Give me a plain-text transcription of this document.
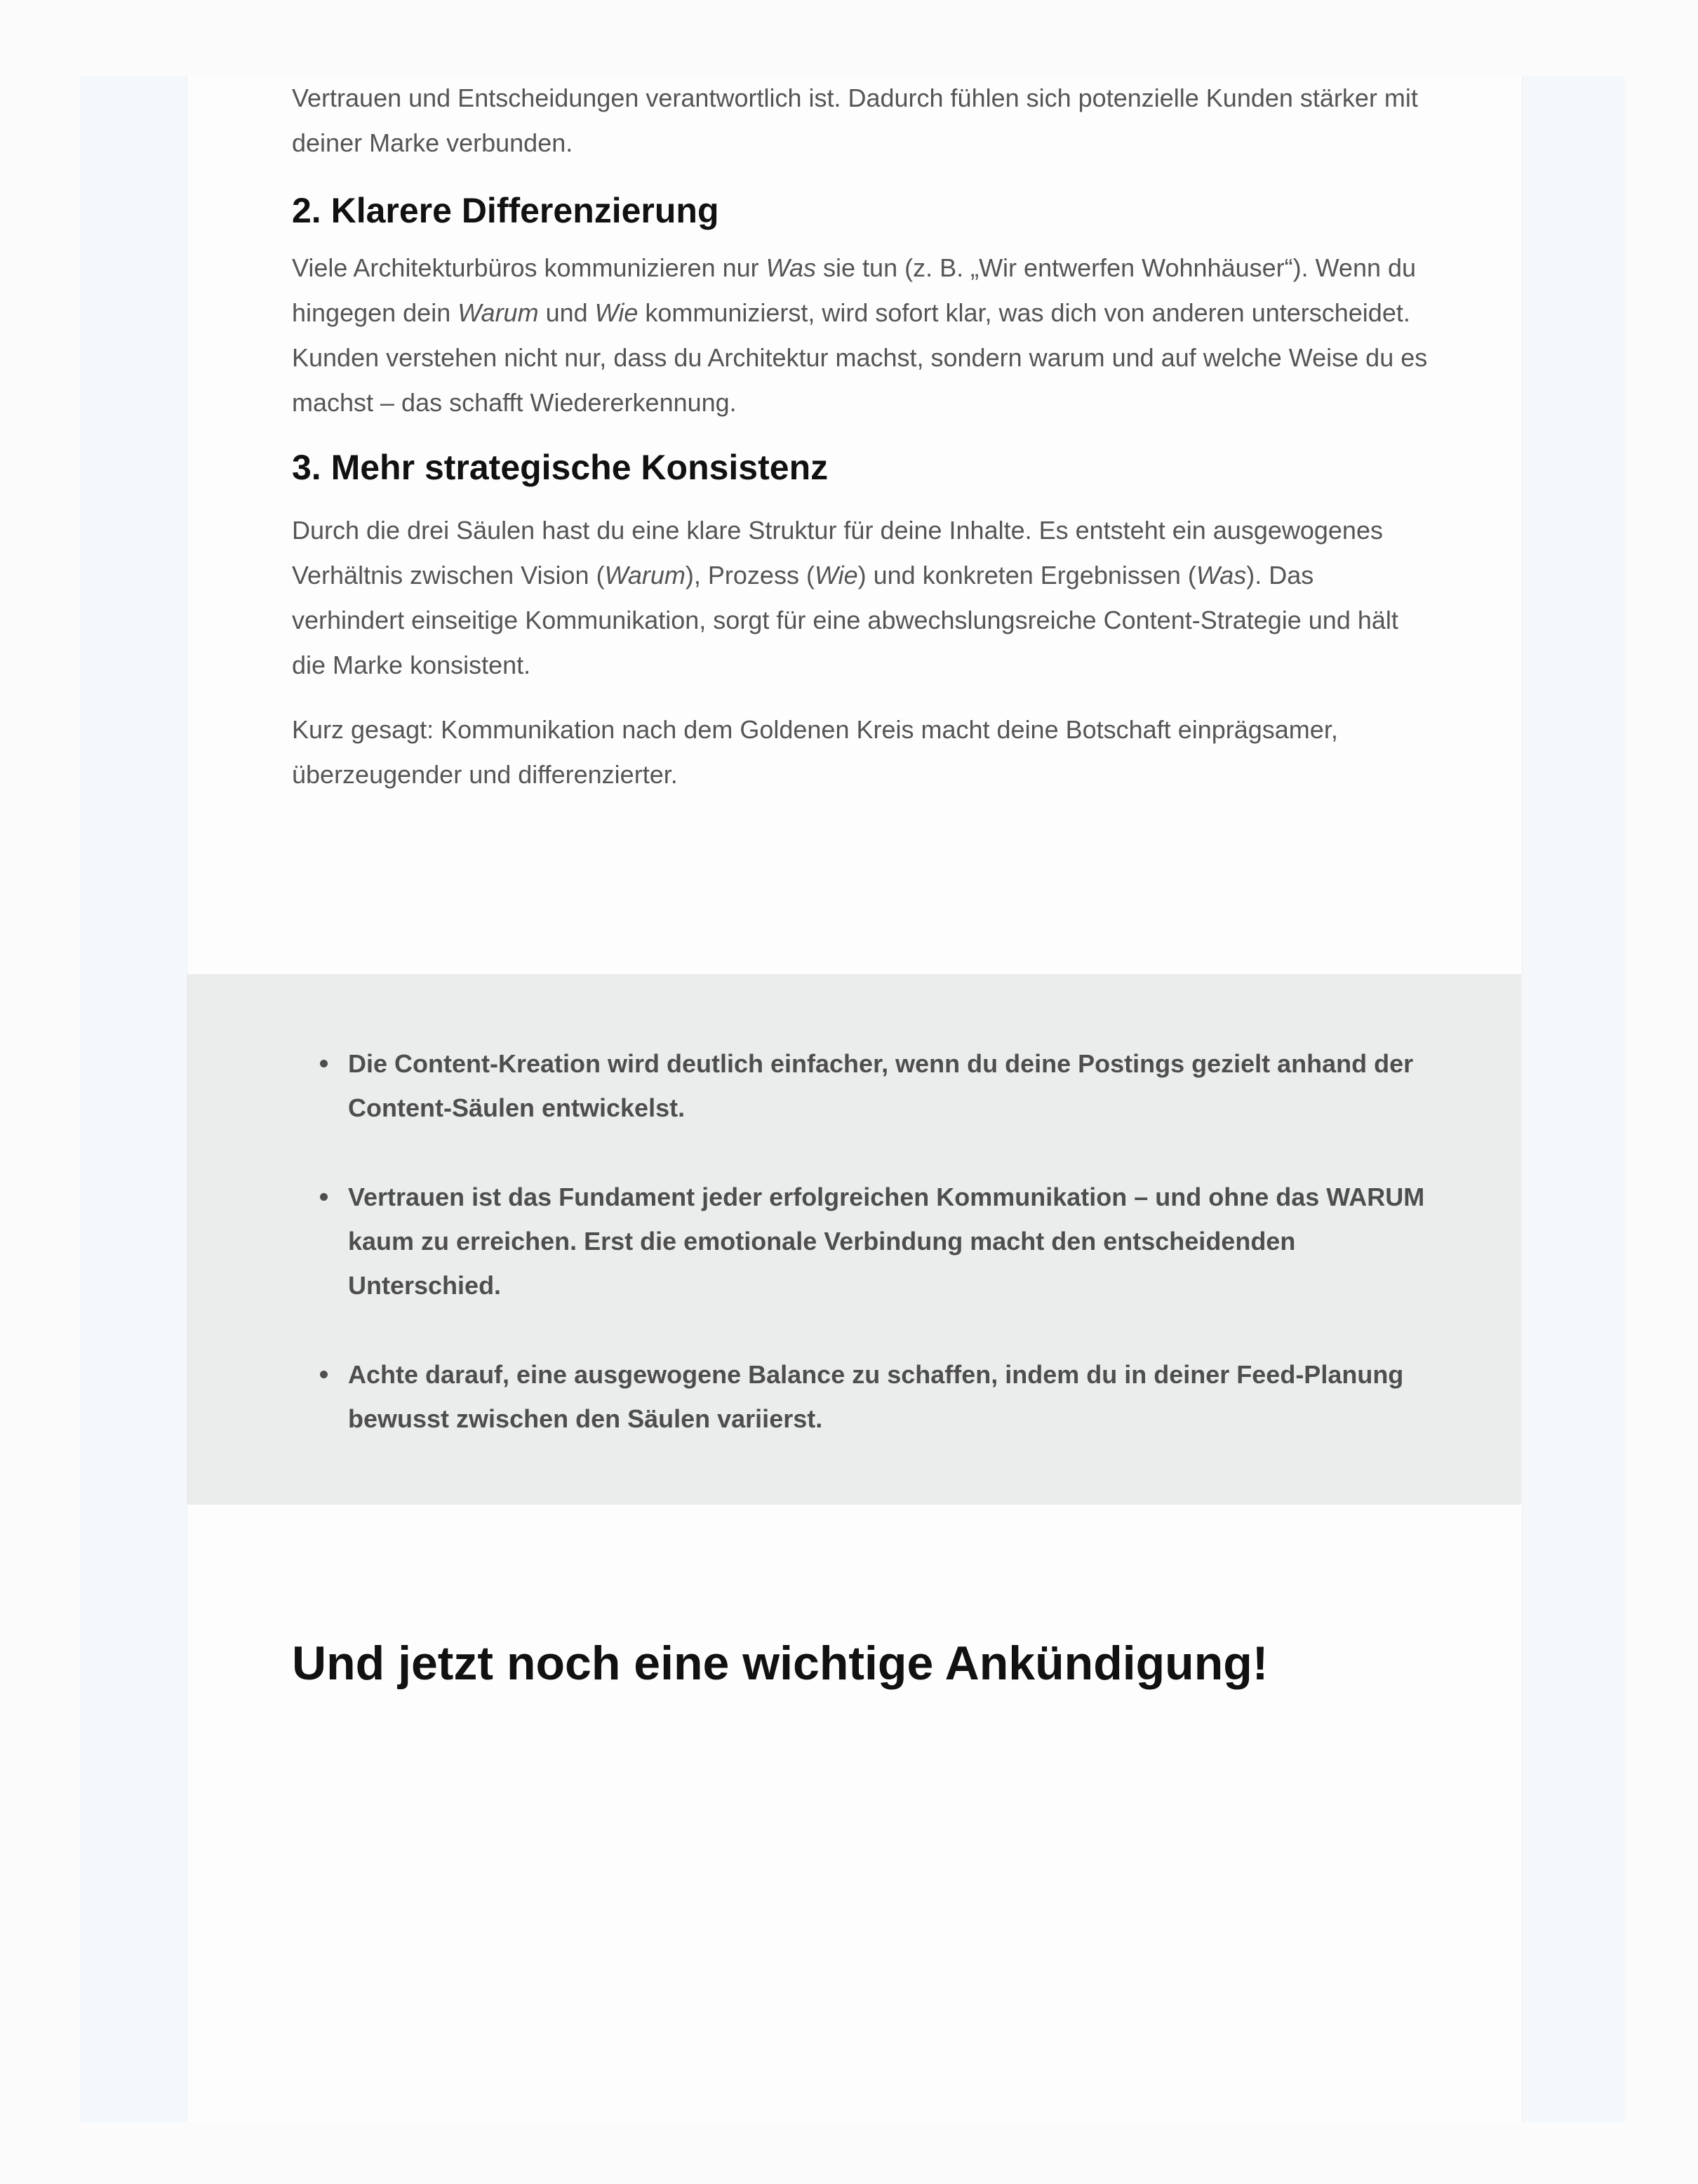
Vertrauen und Entscheidungen verantwortlich ist. Dadurch fühlen sich potenzielle Kunden stärker mit deiner Marke verbunden.

2. Klarere Differenzierung

Viele Architekturbüros kommunizieren nur Was sie tun (z. B. „Wir entwerfen Wohnhäuser“). Wenn du hingegen dein Warum und Wie kommunizierst, wird sofort klar, was dich von anderen unterscheidet. Kunden verstehen nicht nur, dass du Architektur machst, sondern warum und auf welche Weise du es machst – das schafft Wiedererkennung.

3. Mehr strategische Konsistenz

Durch die drei Säulen hast du eine klare Struktur für deine Inhalte. Es entsteht ein ausgewogenes Verhältnis zwischen Vision (Warum), Prozess (Wie) und konkreten Ergebnissen (Was). Das verhindert einseitige Kommunikation, sorgt für eine abwechslungsreiche Content-Strategie und hält die Marke konsistent.

Kurz gesagt: Kommunikation nach dem Goldenen Kreis macht deine Botschaft einprägsamer, überzeugender und differenzierter.

Die Content-Kreation wird deutlich einfacher, wenn du deine Postings gezielt anhand der Content-Säulen entwickelst.
Vertrauen ist das Fundament jeder erfolgreichen Kommunikation – und ohne das WARUM kaum zu erreichen. Erst die emotionale Verbindung macht den entscheidenden Unterschied.
Achte darauf, eine ausgewogene Balance zu schaffen, indem du in deiner Feed-Planung bewusst zwischen den Säulen variierst.
Und jetzt noch eine wichtige Ankündigung!
